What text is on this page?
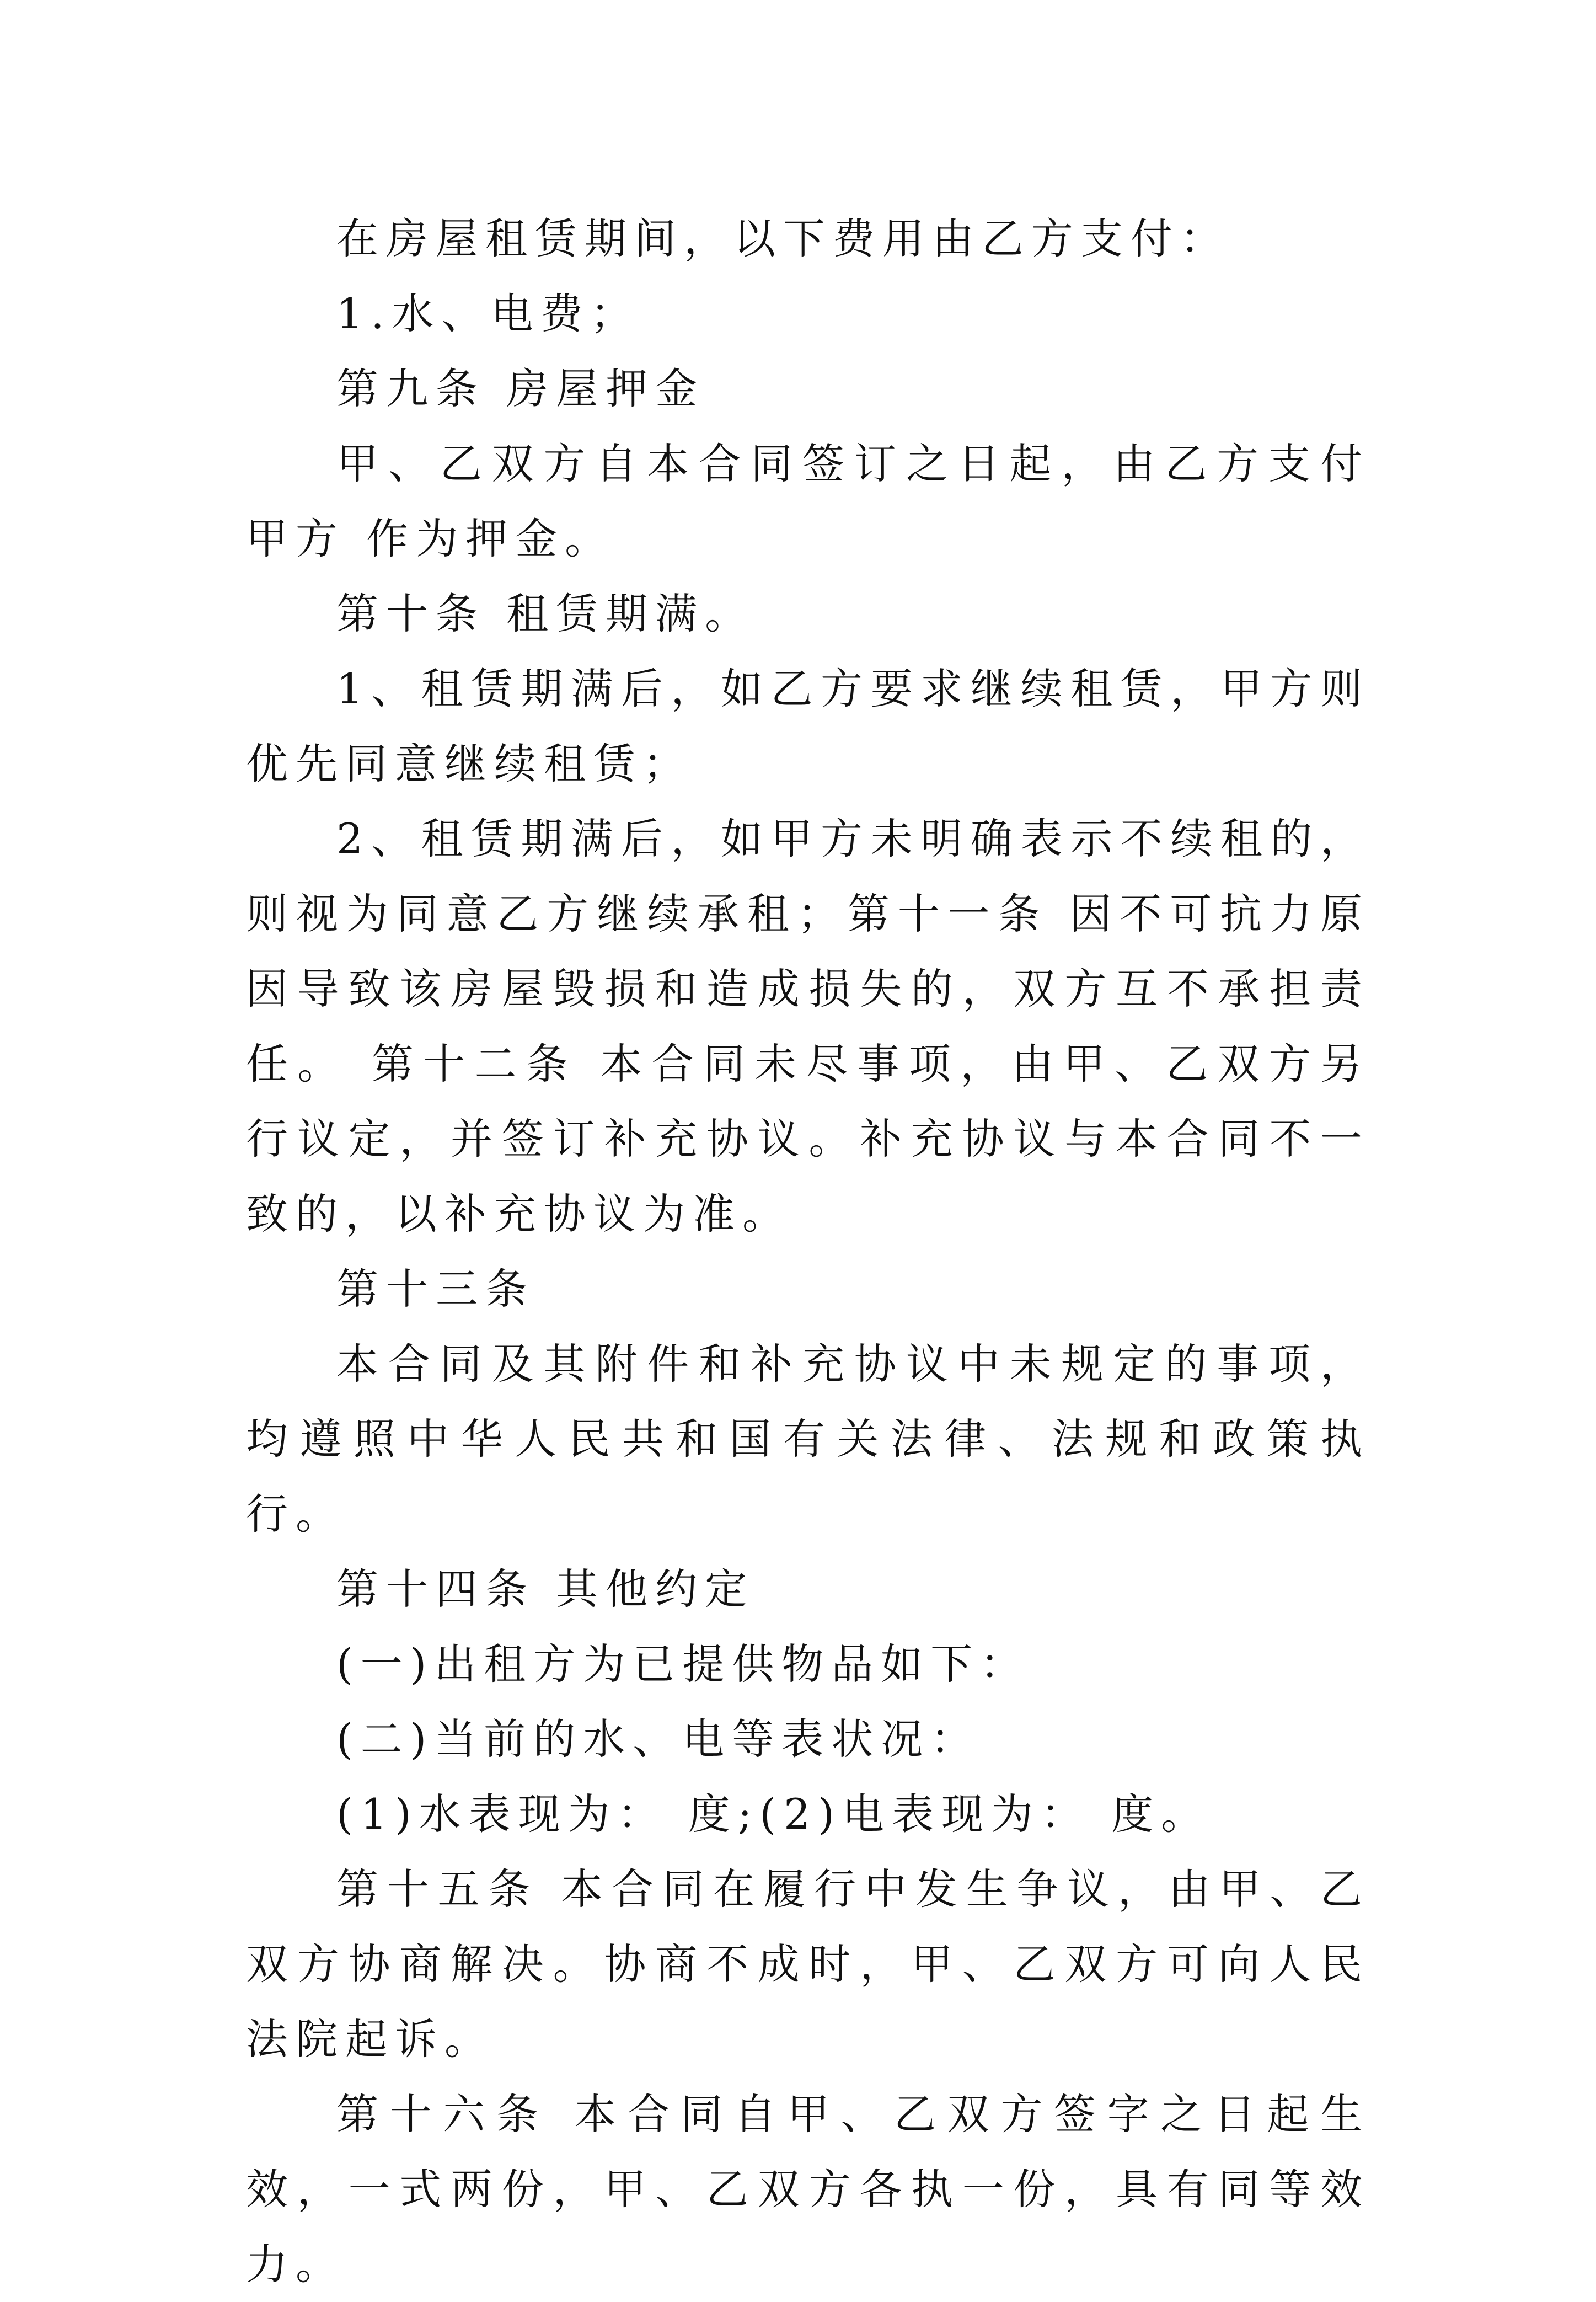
在房屋租赁期间，以下费用由乙方支付：

1.水、电费；

第九条 房屋押金

甲、乙双方自本合同签订之日起，由乙方支付甲方 作为押金。

第十条 租赁期满。

1、租赁期满后，如乙方要求继续租赁，甲方则优先同意继续租赁；

2、租赁期满后，如甲方未明确表示不续租的，则视为同意乙方继续承租；第十一条 因不可抗力原因导致该房屋毁损和造成损失的，双方互不承担责任。 第十二条 本合同未尽事项，由甲、乙双方另行议定，并签订补充协议。补充协议与本合同不一致的，以补充协议为准。

第十三条

本合同及其附件和补充协议中未规定的事项，均遵照中华人民共和国有关法律、法规和政策执行。

第十四条 其他约定

(一)出租方为已提供物品如下：

(二)当前的水、电等表状况：

(1)水表现为： 度;(2)电表现为： 度。

第十五条 本合同在履行中发生争议，由甲、乙双方协商解决。协商不成时，甲、乙双方可向人民法院起诉。

第十六条 本合同自甲、乙双方签字之日起生效，一式两份，甲、乙双方各执一份，具有同等效力。
